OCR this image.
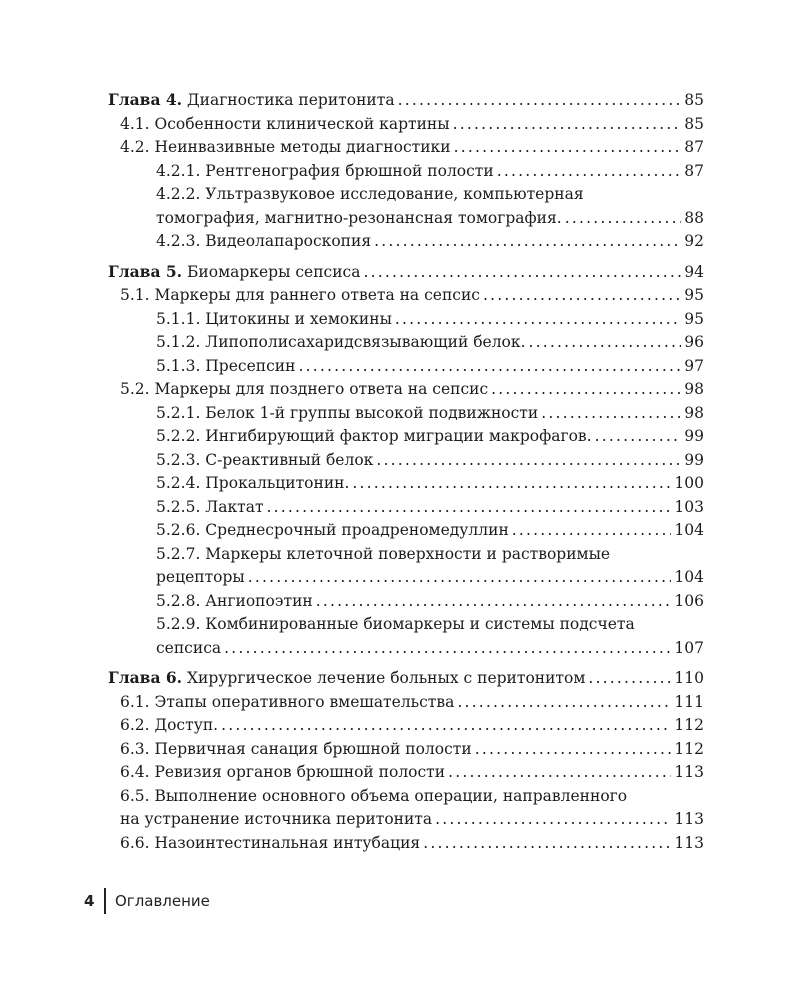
Глава 4. Диагностика перитонита .....	85
4.1. Особенности клинической картины .....	85
4.2. Неинвазивные методы диагностики .....	87
4.2.1. Рентгенография брюшной полости .....	87
4.2.2. Ультразвуковое исследование, компьютерная
томография, магнитно-резонансная томография. .....	88
4.2.3. Видеолапароскопия .....	92
Глава 5. Биомаркеры сепсиса .....	94
5.1. Маркеры для раннего ответа на сепсис .....	95
5.1.1. Цитокины и хемокины .....	95
5.1.2. Липополисахаридсвязывающий белок. .....	96
5.1.3. Пресепсин .....	97
5.2. Маркеры для позднего ответа на сепсис .....	98
5.2.1. Белок 1-й группы высокой подвижности .....	98
5.2.2. Ингибирующий фактор миграции макрофагов. .....	99
5.2.3. С-реактивный белок .....	99
5.2.4. Прокальцитонин. .....	100
5.2.5. Лактат .....	103
5.2.6. Среднесрочный проадреномедуллин .....	104
5.2.7. Маркеры клеточной поверхности и растворимые
рецепторы .....	104
5.2.8. Ангиопоэтин .....	106
5.2.9. Комбинированные биомаркеры и системы подсчета
сепсиса .....	107
Глава 6. Хирургическое лечение больных с перитонитом .....	110
6.1. Этапы оперативного вмешательства .....	111
6.2. Доступ. .....	112
6.3. Первичная санация брюшной полости .....	112
6.4. Ревизия органов брюшной полости .....	113
6.5. Выполнение основного объема операции, направленного
на устранение источника перитонита .....	113
6.6. Назоинтестинальная интубация .....	113
4	Оглавление
